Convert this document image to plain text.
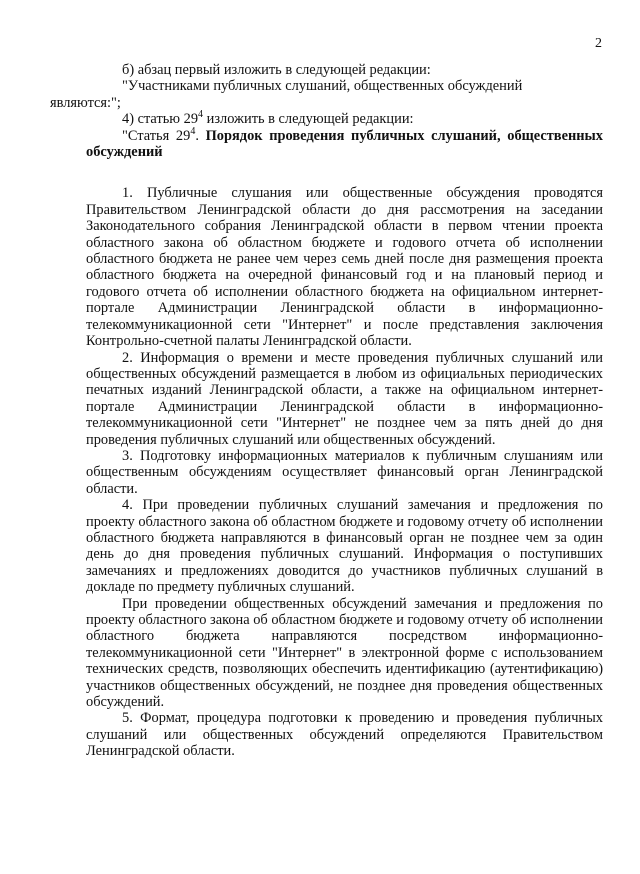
2

б) абзац первый изложить в следующей редакции:

"Участниками публичных слушаний, общественных обсуждений
являются:";

4) статью $29^4$ изложить в следующей редакции:

"Статья $29^4$. Порядок проведения публичных слушаний, общественных обсуждений

1. Публичные слушания или общественные обсуждения проводятся Правительством Ленинградской области до дня рассмотрения на заседании Законодательного собрания Ленинградской области в первом чтении проекта областного закона об областном бюджете и годового отчета об исполнении областного бюджета не ранее чем через семь дней после дня размещения проекта областного бюджета на очередной финансовый год и на плановый период и годового отчета об исполнении областного бюджета на официальном интернет-портале Администрации Ленинградской области в информационно-телекоммуникационной сети "Интернет" и после представления заключения Контрольно-счетной палаты Ленинградской области.

2. Информация о времени и месте проведения публичных слушаний или общественных обсуждений размещается в любом из официальных периодических печатных изданий Ленинградской области, а также на официальном интернет-портале Администрации Ленинградской области в информационно-телекоммуникационной сети "Интернет" не позднее чем за пять дней до дня проведения публичных слушаний или общественных обсуждений.

3. Подготовку информационных материалов к публичным слушаниям или общественным обсуждениям осуществляет финансовый орган Ленинградской области.

4. При проведении публичных слушаний замечания и предложения по проекту областного закона об областном бюджете и годовому отчету об исполнении областного бюджета направляются в финансовый орган не позднее чем за один день до дня проведения публичных слушаний. Информация о поступивших замечаниях и предложениях доводится до участников публичных слушаний в докладе по предмету публичных слушаний.

При проведении общественных обсуждений замечания и предложения по проекту областного закона об областном бюджете и годовому отчету об исполнении областного бюджета направляются посредством информационно-телекоммуникационной сети "Интернет" в электронной форме с использованием технических средств, позволяющих обеспечить идентификацию (аутентификацию) участников общественных обсуждений, не позднее дня проведения общественных обсуждений.

5. Формат, процедура подготовки к проведению и проведения публичных слушаний или общественных обсуждений определяются Правительством Ленинградской области.
